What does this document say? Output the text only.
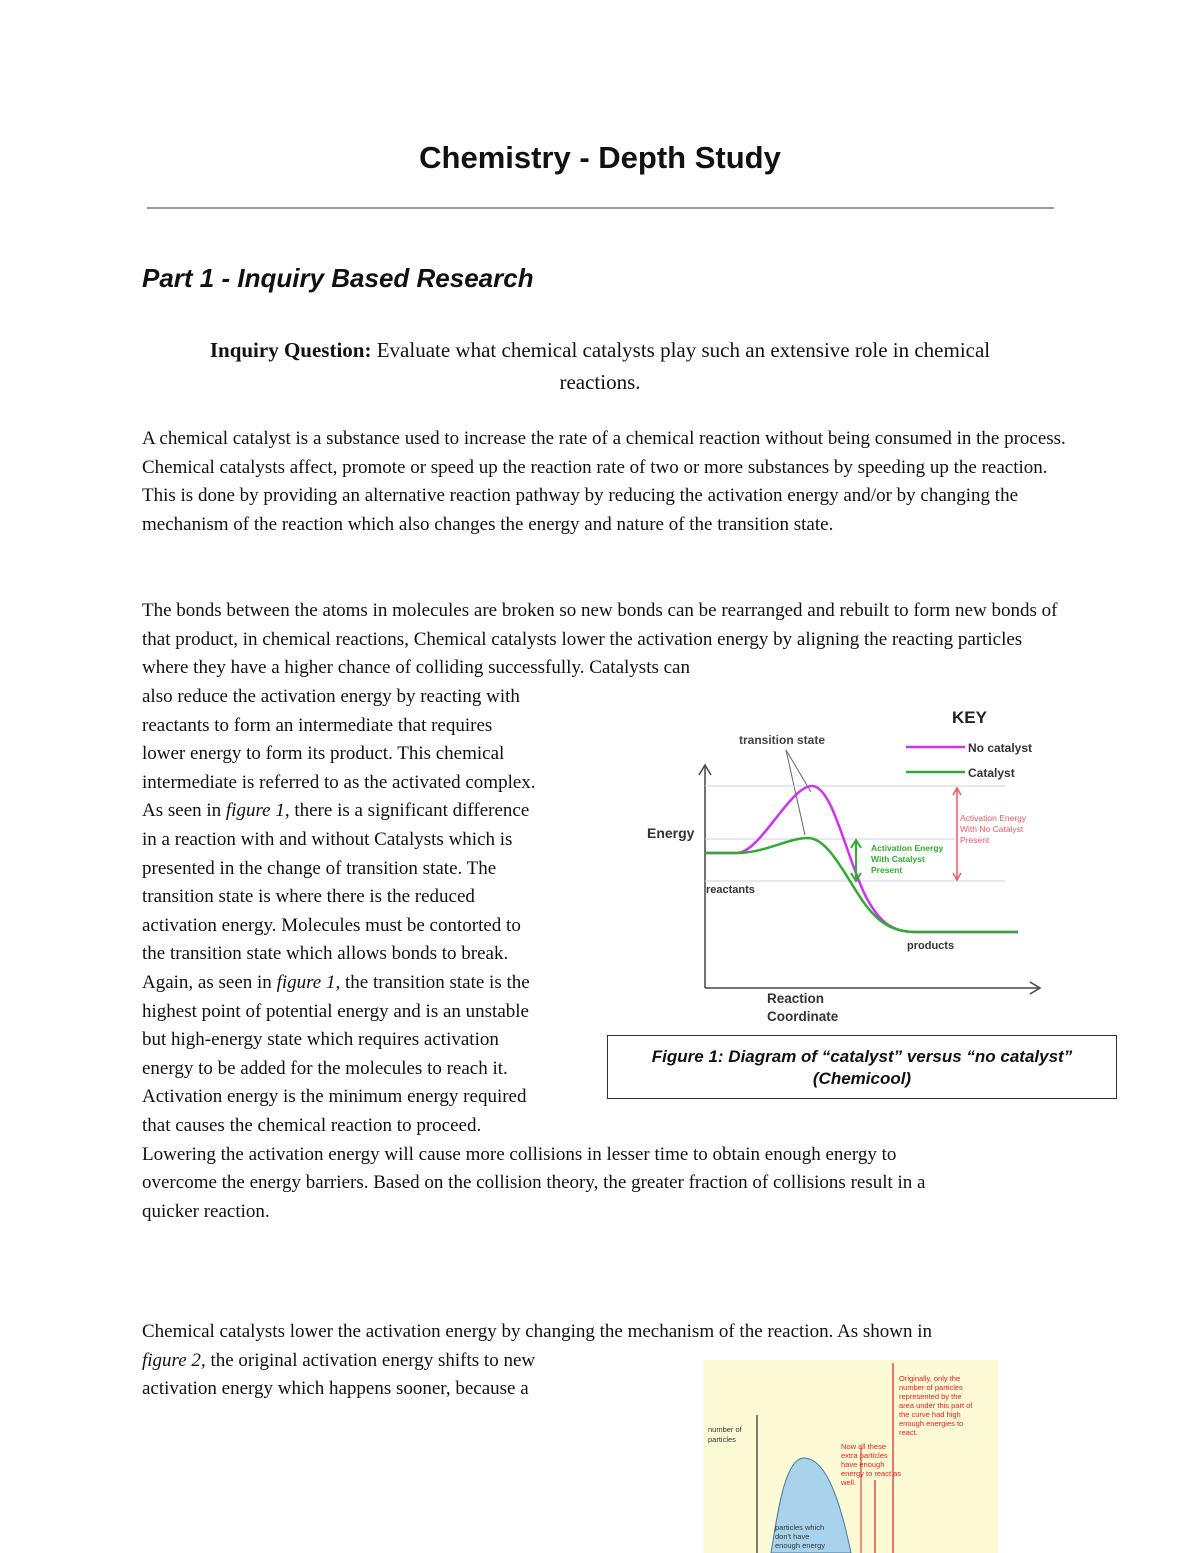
Chemistry - Depth Study
Part 1 - Inquiry Based Research

Inquiry Question: Evaluate what chemical catalysts play such an extensive role in chemical
reactions.

A chemical catalyst is a substance used to increase the rate of a chemical reaction without being consumed in the process. Chemical catalysts affect, promote or speed up the reaction rate of two or more substances by speeding up the reaction. This is done by providing an alternative reaction pathway by reducing the activation energy and/or by changing the mechanism of the reaction which also changes the energy and nature of the transition state.

The bonds between the atoms in molecules are broken so new bonds can be rearranged and rebuilt to form new bonds of that product, in chemical reactions, Chemical catalysts lower the activation energy by aligning the reacting particles where they have a higher chance of colliding successfully. Catalysts can

also reduce the activation energy by reacting with
reactants to form an intermediate that requires
lower energy to form its product. This chemical
intermediate is referred to as the activated complex.
As seen in figure 1, there is a significant difference
in a reaction with and without Catalysts which is
presented in the change of transition state. The
transition state is where there is the reduced
activation energy. Molecules must be contorted to
the transition state which allows bonds to break.
Again, as seen in figure 1, the transition state is the
highest point of potential energy and is an unstable
but high-energy state which requires activation
energy to be added for the molecules to reach it.
Activation energy is the minimum energy required
that causes the chemical reaction to proceed.
Lowering the activation energy will cause more collisions in lesser time to obtain enough energy to
overcome the energy barriers. Based on the collision theory, the greater fraction of collisions result in a
quicker reaction.

KEY
No catalyst
Catalyst
transition state
Activation Energy With Catalyst Present
Activation Energy With No Catalyst Present
Energy
reactants
products
Reaction
Coordinate
Figure 1: Diagram of “catalyst” versus “no catalyst”
(Chemicool)

Chemical catalysts lower the activation energy by changing the mechanism of the reaction. As shown in
figure 2, the original activation energy shifts to new
activation energy which happens sooner, because a

number of particles
Originally, only the number of particles represented by the area under this part of the curve had high enough energies to react.
Now all these extra particles have enough energy to react as well.
particles which don't have enough energy
